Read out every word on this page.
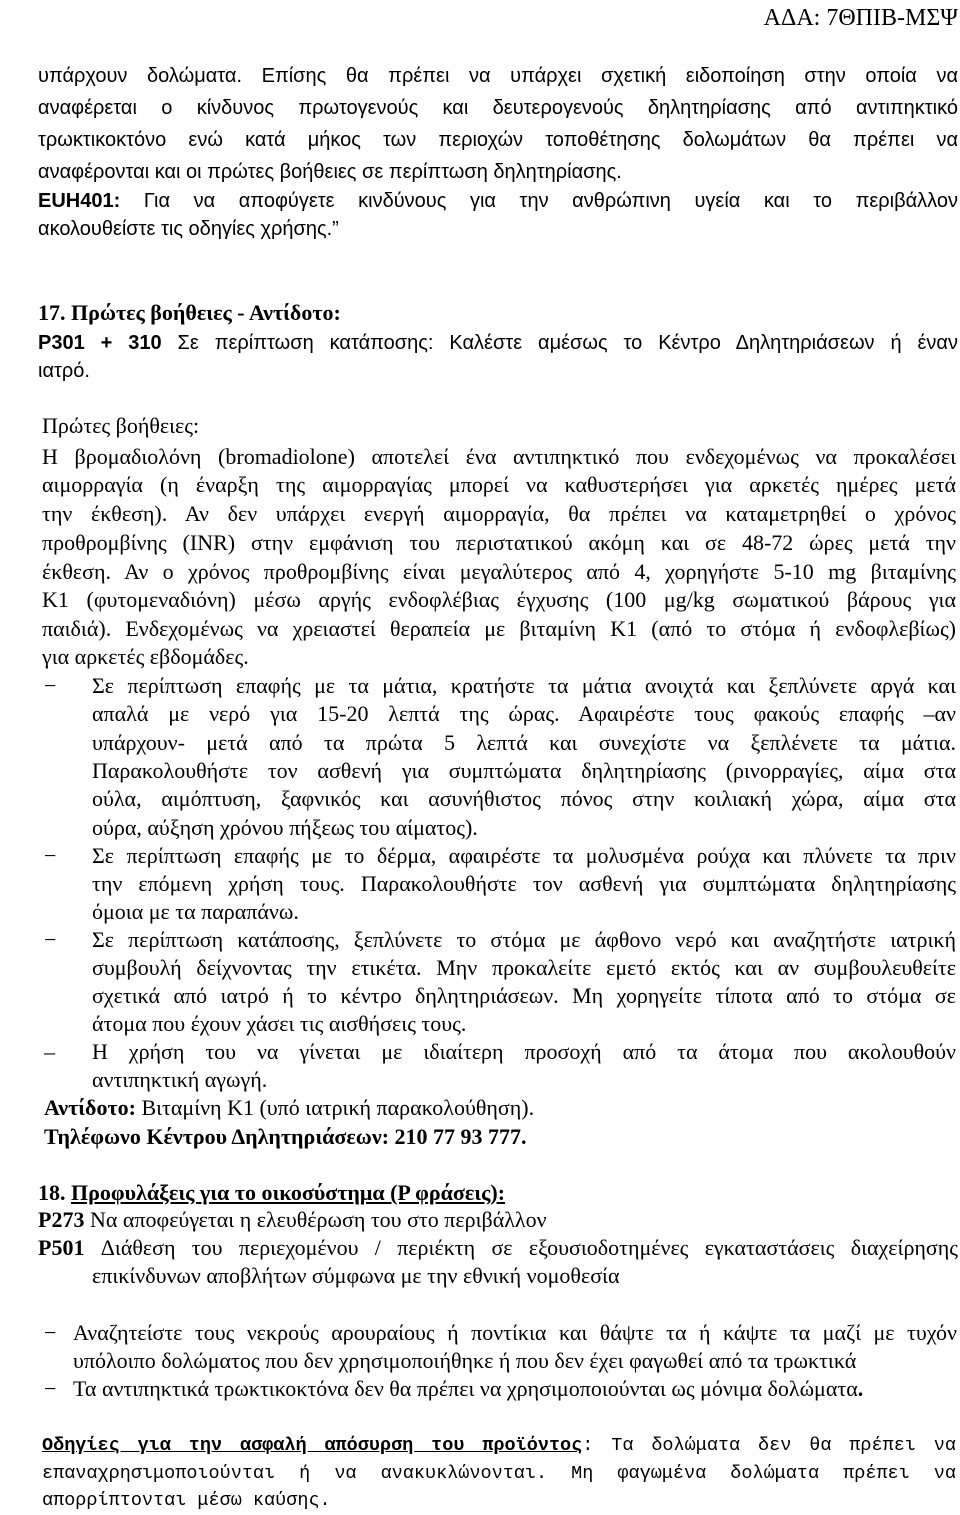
ΑΔΑ: 7ΘΠΙΒ-ΜΣΨ
υπάρχουν δολώματα. Επίσης θα πρέπει να υπάρχει σχετική ειδοποίηση στην οποία να
αναφέρεται ο κίνδυνος πρωτογενούς και δευτερογενούς δηλητηρίασης από αντιπηκτικό
τρωκτικοκτόνο ενώ κατά μήκος των περιοχών τοποθέτησης δολωμάτων θα πρέπει να
αναφέρονται και οι πρώτες βοήθειες σε περίπτωση δηλητηρίασης.
EUH401: Για να αποφύγετε κινδύνους για την ανθρώπινη υγεία και το περιβάλλον
ακολουθείστε τις οδηγίες χρήσης.”
17. Πρώτες βοήθειες - Αντίδοτο:
P301 + 310 Σε περίπτωση κατάποσης: Καλέστε αμέσως το Κέντρο Δηλητηριάσεων ή έναν
ιατρό.
Πρώτες βοήθειες:
Η βρομαδιολόνη (bromadiolone) αποτελεί ένα αντιπηκτικό που ενδεχομένως να προκαλέσει
αιμορραγία (η έναρξη της αιμορραγίας μπορεί να καθυστερήσει για αρκετές ημέρες μετά
την έκθεση). Αν δεν υπάρχει ενεργή αιμορραγία, θα πρέπει να καταμετρηθεί ο χρόνος
προθρομβίνης (INR) στην εμφάνιση του περιστατικού ακόμη και σε 48-72 ώρες μετά την
έκθεση. Αν ο χρόνος προθρομβίνης είναι μεγαλύτερος από 4, χορηγήστε 5-10 mg βιταμίνης
Κ1 (φυτομεναδιόνη) μέσω αργής ενδοφλέβιας έγχυσης (100 μg/kg σωματικού βάρους για
παιδιά). Ενδεχομένως να χρειαστεί θεραπεία με βιταμίνη Κ1 (από το στόμα ή ενδοφλεβίως)
για αρκετές εβδομάδες.
−	Σε περίπτωση επαφής με τα μάτια, κρατήστε τα μάτια ανοιχτά και ξεπλύνετε αργά και
απαλά με νερό για 15-20 λεπτά της ώρας. Αφαιρέστε τους φακούς επαφής –αν
υπάρχουν- μετά από τα πρώτα 5 λεπτά και συνεχίστε να ξεπλένετε τα μάτια.
Παρακολουθήστε τον ασθενή για συμπτώματα δηλητηρίασης (ρινορραγίες, αίμα στα
ούλα, αιμόπτυση, ξαφνικός και ασυνήθιστος πόνος στην κοιλιακή χώρα, αίμα στα
ούρα, αύξηση χρόνου πήξεως του αίματος).
−	Σε περίπτωση επαφής με το δέρμα, αφαιρέστε τα μολυσμένα ρούχα και πλύνετε τα πριν
την επόμενη χρήση τους. Παρακολουθήστε τον ασθενή για συμπτώματα δηλητηρίασης
όμοια με τα παραπάνω.
−	Σε περίπτωση κατάποσης, ξεπλύνετε το στόμα με άφθονο νερό και αναζητήστε ιατρική
συμβουλή δείχνοντας την ετικέτα. Μην προκαλείτε εμετό εκτός και αν συμβουλευθείτε
σχετικά από ιατρό ή το κέντρο δηλητηριάσεων. Μη χορηγείτε τίποτα από το στόμα σε
άτομα που έχουν χάσει τις αισθήσεις τους.
–	Η χρήση του να γίνεται με ιδιαίτερη προσοχή από τα άτομα που ακολουθούν
αντιπηκτική αγωγή.
Αντίδοτο: Βιταμίνη Κ1 (υπό ιατρική παρακολούθηση).
Τηλέφωνο Κέντρου Δηλητηριάσεων: 210 77 93 777.
18. Προφυλάξεις για το οικοσύστημα (P φράσεις):
P273 Να αποφεύγεται η ελευθέρωση του στο περιβάλλον
P501 Διάθεση του περιεχομένου / περιέκτη σε εξουσιοδοτημένες εγκαταστάσεις διαχείρησης
επικίνδυνων αποβλήτων σύμφωνα με την εθνική νομοθεσία
− Αναζητείστε τους νεκρούς αρουραίους ή ποντίκια και θάψτε τα ή κάψτε τα μαζί με τυχόν
υπόλοιπο δολώματος που δεν χρησιμοποιήθηκε ή που δεν έχει φαγωθεί από τα τρωκτικά
− Τα αντιπηκτικά τρωκτικοκτόνα δεν θα πρέπει να χρησιμοποιούνται ως μόνιμα δολώματα.
Οδηγίες για την ασφαλή απόσυρση του προϊόντος: Τα δολώματα δεν θα πρέπει να
επαναχρησιμοποιούνται ή να ανακυκλώνονται. Μη φαγωμένα δολώματα πρέπει να
απορρίπτονται μέσω καύσης.
